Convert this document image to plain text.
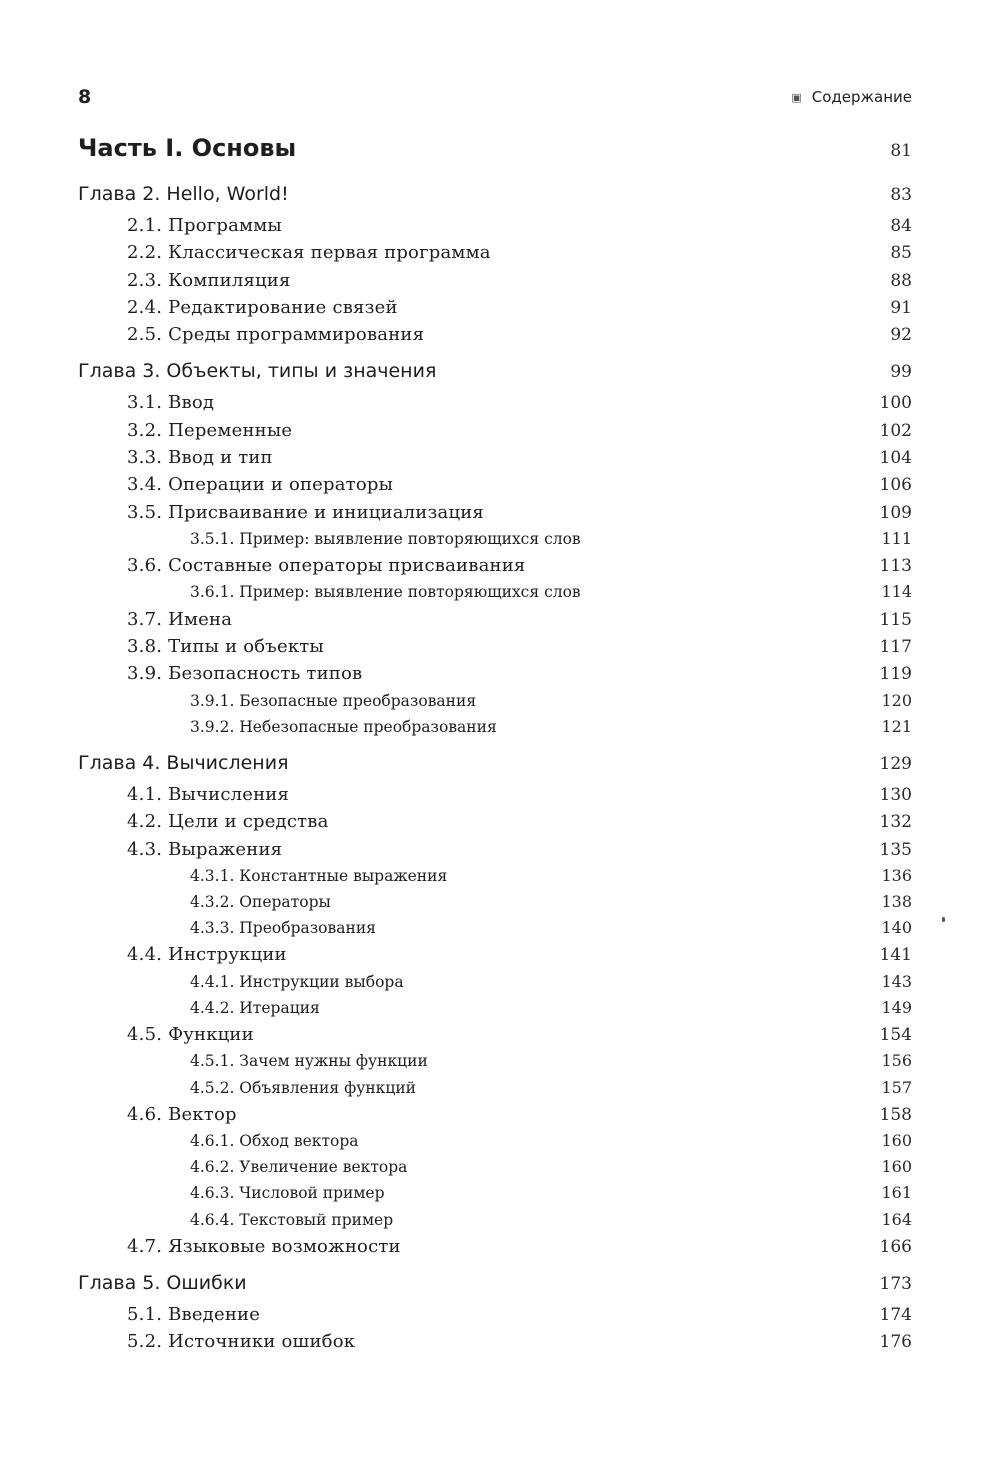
8	▣ Содержание
Часть I. Основы	81
Глава 2. Hello, World!	83
2.1. Программы	84
2.2. Классическая первая программа	85
2.3. Компиляция	88
2.4. Редактирование связей	91
2.5. Среды программирования	92
Глава 3. Объекты, типы и значения	99
3.1. Ввод	100
3.2. Переменные	102
3.3. Ввод и тип	104
3.4. Операции и операторы	106
3.5. Присваивание и инициализация	109
3.5.1. Пример: выявление повторяющихся слов	111
3.6. Составные операторы присваивания	113
3.6.1. Пример: выявление повторяющихся слов	114
3.7. Имена	115
3.8. Типы и объекты	117
3.9. Безопасность типов	119
3.9.1. Безопасные преобразования	120
3.9.2. Небезопасные преобразования	121
Глава 4. Вычисления	129
4.1. Вычисления	130
4.2. Цели и средства	132
4.3. Выражения	135
4.3.1. Константные выражения	136
4.3.2. Операторы	138
4.3.3. Преобразования	140
4.4. Инструкции	141
4.4.1. Инструкции выбора	143
4.4.2. Итерация	149
4.5. Функции	154
4.5.1. Зачем нужны функции	156
4.5.2. Объявления функций	157
4.6. Вектор	158
4.6.1. Обход вектора	160
4.6.2. Увеличение вектора	160
4.6.3. Числовой пример	161
4.6.4. Текстовый пример	164
4.7. Языковые возможности	166
Глава 5. Ошибки	173
5.1. Введение	174
5.2. Источники ошибок	176
